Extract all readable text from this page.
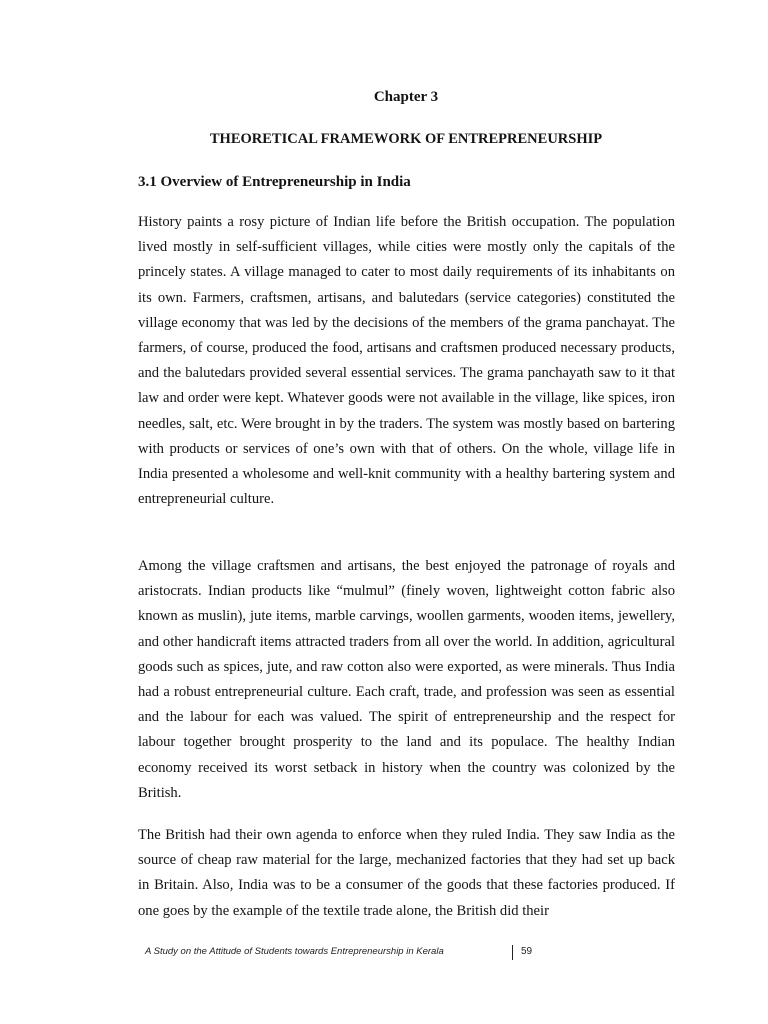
Chapter 3
THEORETICAL FRAMEWORK OF ENTREPRENEURSHIP
3.1 Overview of Entrepreneurship in India

History paints a rosy picture of Indian life before the British occupation. The population lived mostly in self-sufficient villages, while cities were mostly only the capitals of the princely states. A village managed to cater to most daily requirements of its inhabitants on its own. Farmers, craftsmen, artisans, and balutedars (service categories) constituted the village economy that was led by the decisions of the members of the grama panchayat. The farmers, of course, produced the food, artisans and craftsmen produced necessary products, and the balutedars provided several essential services. The grama panchayath saw to it that law and order were kept. Whatever goods were not available in the village, like spices, iron needles, salt, etc. Were brought in by the traders. The system was mostly based on bartering with products or services of one’s own with that of others. On the whole, village life in India presented a wholesome and well-knit community with a healthy bartering system and entrepreneurial culture.

Among the village craftsmen and artisans, the best enjoyed the patronage of royals and aristocrats. Indian products like “mulmul” (finely woven, lightweight cotton fabric also known as muslin), jute items, marble carvings, woollen garments, wooden items, jewellery, and other handicraft items attracted traders from all over the world. In addition, agricultural goods such as spices, jute, and raw cotton also were exported, as were minerals. Thus India had a robust entrepreneurial culture. Each craft, trade, and profession was seen as essential and the labour for each was valued. The spirit of entrepreneurship and the respect for labour together brought prosperity to the land and its populace. The healthy Indian economy received its worst setback in history when the country was colonized by the British.

The British had their own agenda to enforce when they ruled India. They saw India as the source of cheap raw material for the large, mechanized factories that they had set up back in Britain. Also, India was to be a consumer of the goods that these factories produced. If one goes by the example of the textile trade alone, the British did their

A Study on the Attitude of Students towards Entrepreneurship in Kerala	59
